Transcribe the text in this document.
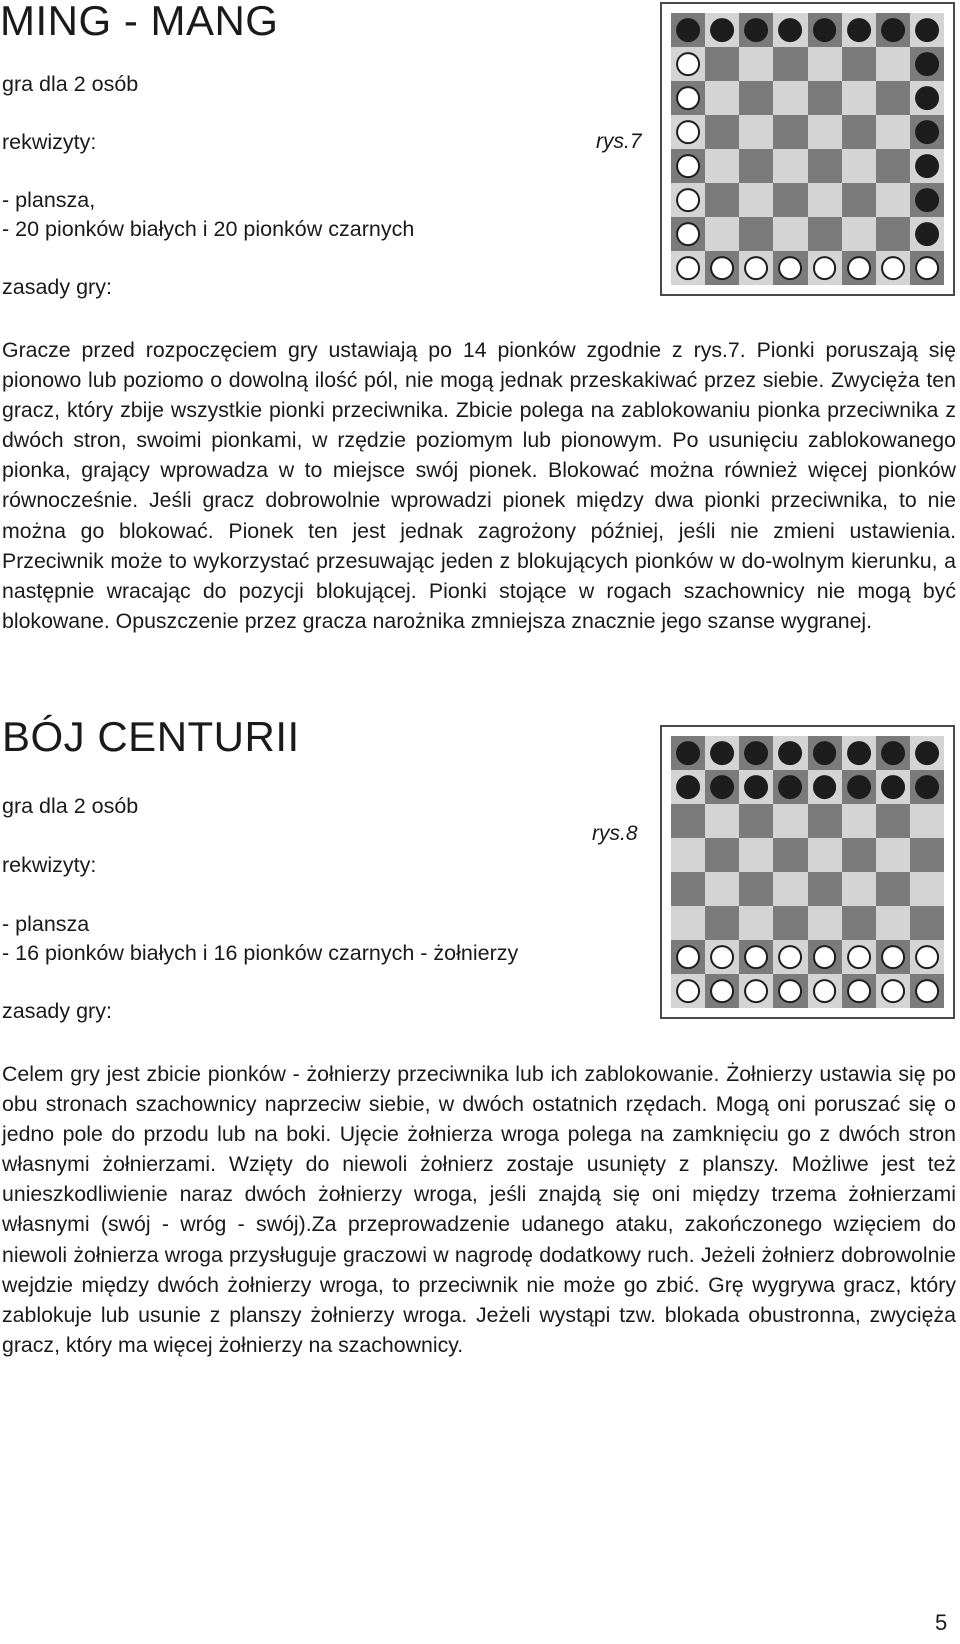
MING - MANG
gra dla 2 osób
rekwizyty:	rys.7
- plansza,
- 20 pionków białych i 20 pionków czarnych
zasady gry:

Gracze przed rozpoczęciem gry ustawiają po 14 pionków zgodnie z rys.7. Pionki poruszają się pionowo lub poziomo o dowolną ilość pól, nie mogą jednak przeskakiwać przez siebie. Zwycięża ten gracz, który zbije wszystkie pionki przeciwnika. Zbicie polega na zablokowaniu pionka przeciwnika z dwóch stron, swoimi pionkami, w rzędzie poziomym lub pionowym. Po usunięciu zablokowanego pionka, grający wprowadza w to miejsce swój pionek. Blokować można również więcej pionków równocześnie. Jeśli gracz dobrowolnie wprowadzi pionek między dwa pionki przeciwnika, to nie można go blokować. Pionek ten jest jednak zagrożony później, jeśli nie zmieni ustawienia. Przeciwnik może to wykorzystać przesuwając jeden z blokujących pionków w do-wolnym kierunku, a następnie wracając do pozycji blokującej. Pionki stojące w rogach szachownicy nie mogą być blokowane. Opuszczenie przez gracza narożnika zmniejsza znacznie jego szanse wygranej.

BÓJ CENTURII
gra dla 2 osób
rys.8
rekwizyty:
- plansza
- 16 pionków białych i 16 pionków czarnych - żołnierzy
zasady gry:

Celem gry jest zbicie pionków - żołnierzy przeciwnika lub ich zablokowanie. Żołnierzy ustawia się po obu stronach szachownicy naprzeciw siebie, w dwóch ostatnich rzędach. Mogą oni poruszać się o jedno pole do przodu lub na boki. Ujęcie żołnierza wroga polega na zamknięciu go z dwóch stron własnymi żołnierzami. Wzięty do niewoli żołnierz zostaje usunięty z planszy. Możliwe jest też unieszkodliwienie naraz dwóch żołnierzy wroga, jeśli znajdą się oni między trzema żołnierzami własnymi (swój - wróg - swój).Za przeprowadzenie udanego ataku, zakończonego wzięciem do niewoli żołnierza wroga przysługuje graczowi w nagrodę dodatkowy ruch. Jeżeli żołnierz dobrowolnie wejdzie między dwóch żołnierzy wroga, to przeciwnik nie może go zbić. Grę wygrywa gracz, który zablokuje lub usunie z planszy żołnierzy wroga. Jeżeli wystąpi tzw. blokada obustronna, zwycięża gracz, który ma więcej żołnierzy na szachownicy.

5
